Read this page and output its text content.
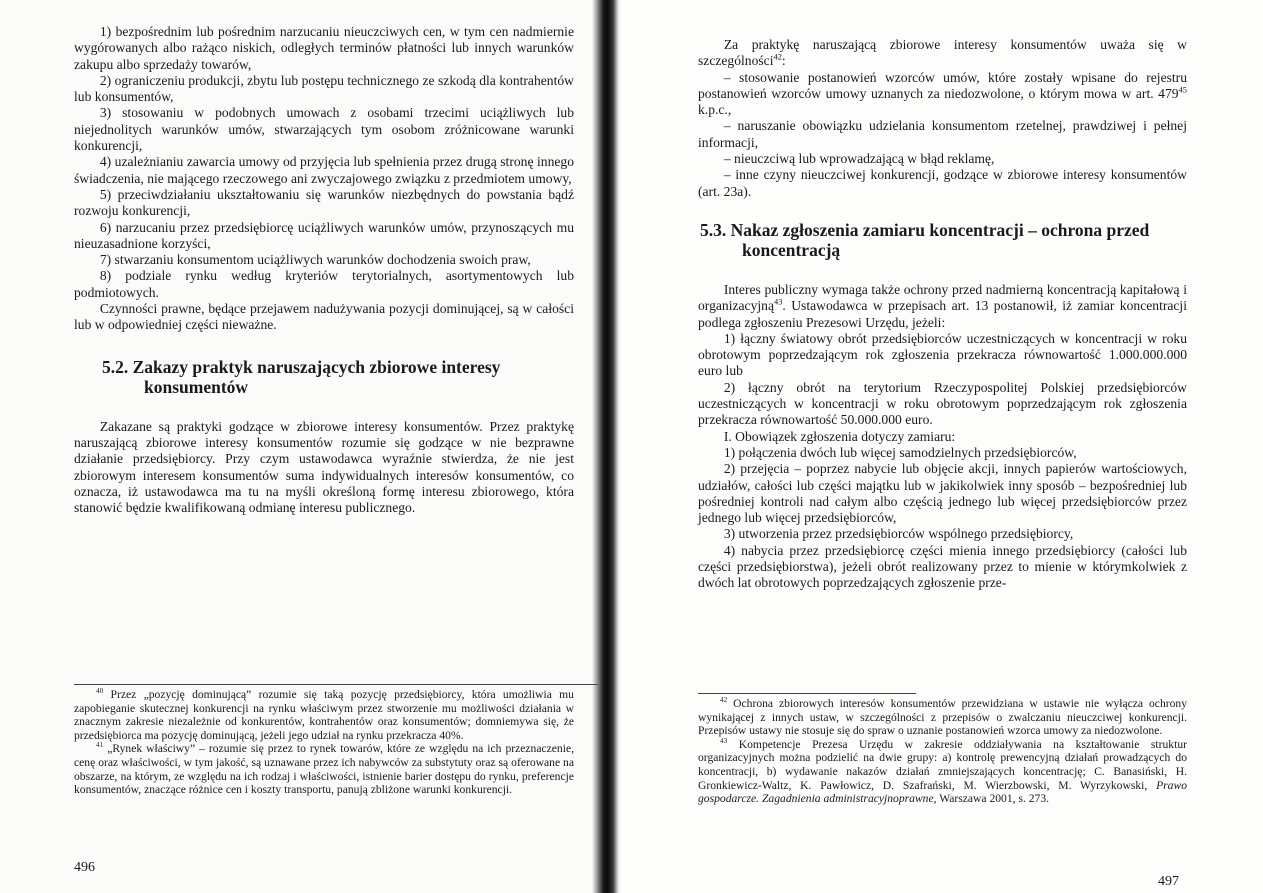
1) bezpośrednim lub pośrednim narzucaniu nieuczciwych cen, w tym cen nadmiernie wygórowanych albo rażąco niskich, odległych terminów płatności lub innych warunków zakupu albo sprzedaży towarów,

2) ograniczeniu produkcji, zbytu lub postępu technicznego ze szkodą dla kontrahentów lub konsumentów,

3) stosowaniu w podobnych umowach z osobami trzecimi uciążliwych lub niejednolitych warunków umów, stwarzających tym osobom zróżnicowane warunki konkurencji,

4) uzależnianiu zawarcia umowy od przyjęcia lub spełnienia przez drugą stronę innego świadczenia, nie mającego rzeczowego ani zwyczajowego związku z przedmiotem umowy,

5) przeciwdziałaniu ukształtowaniu się warunków niezbędnych do powstania bądź rozwoju konkurencji,

6) narzucaniu przez przedsiębiorcę uciążliwych warunków umów, przynoszących mu nieuzasadnione korzyści,

7) stwarzaniu konsumentom uciążliwych warunków dochodzenia swoich praw,

8) podziale rynku według kryteriów terytorialnych, asortymentowych lub podmiotowych.

Czynności prawne, będące przejawem nadużywania pozycji dominującej, są w całości lub w odpowiedniej części nieważne.

5.2. Zakazy praktyk naruszających zbiorowe interesy konsumentów

Zakazane są praktyki godzące w zbiorowe interesy konsumentów. Przez praktykę naruszającą zbiorowe interesy konsumentów rozumie się godzące w nie bezprawne działanie przedsiębiorcy. Przy czym ustawodawca wyraźnie stwierdza, że nie jest zbiorowym interesem konsumentów suma indywidualnych interesów konsumentów, co oznacza, iż ustawodawca ma tu na myśli określoną formę interesu zbiorowego, która stanowić będzie kwalifikowaną odmianę interesu publicznego.

$^{40}$ Przez „pozycję dominującą” rozumie się taką pozycję przedsiębiorcy, która umożliwia mu zapobieganie skutecznej konkurencji na rynku właściwym przez stworzenie mu możliwości działania w znacznym zakresie niezależnie od konkurentów, kontrahentów oraz konsumentów; domniemywa się, że przedsiębiorca ma pozycję dominującą, jeżeli jego udział na rynku przekracza 40%.

$^{41}$ „Rynek właściwy” – rozumie się przez to rynek towarów, które ze względu na ich przeznaczenie, cenę oraz właściwości, w tym jakość, są uznawane przez ich nabywców za substytuty oraz są oferowane na obszarze, na którym, ze względu na ich rodzaj i właściwości, istnienie barier dostępu do rynku, preferencje konsumentów, znaczące różnice cen i koszty transportu, panują zbliżone warunki konkurencji.

496

Za praktykę naruszającą zbiorowe interesy konsumentów uważa się w szczególności$^{42}$:

– stosowanie postanowień wzorców umów, które zostały wpisane do rejestru postanowień wzorców umowy uznanych za niedozwolone, o którym mowa w art. $479^{45}$ k.p.c.,

– naruszanie obowiązku udzielania konsumentom rzetelnej, prawdziwej i pełnej informacji,

– nieuczciwą lub wprowadzającą w błąd reklamę,

– inne czyny nieuczciwej konkurencji, godzące w zbiorowe interesy konsumentów (art. 23a).

5.3. Nakaz zgłoszenia zamiaru koncentracji – ochrona przed koncentracją

Interes publiczny wymaga także ochrony przed nadmierną koncentracją kapitałową i organizacyjną$^{43}$. Ustawodawca w przepisach art. 13 postanowił, iż zamiar koncentracji podlega zgłoszeniu Prezesowi Urzędu, jeżeli:

1) łączny światowy obrót przedsiębiorców uczestniczących w koncentracji w roku obrotowym poprzedzającym rok zgłoszenia przekracza równowartość 1.000.000.000 euro lub

2) łączny obrót na terytorium Rzeczypospolitej Polskiej przedsiębiorców uczestniczących w koncentracji w roku obrotowym poprzedzającym rok zgłoszenia przekracza równowartość 50.000.000 euro.

I. Obowiązek zgłoszenia dotyczy zamiaru:

1) połączenia dwóch lub więcej samodzielnych przedsiębiorców,

2) przejęcia – poprzez nabycie lub objęcie akcji, innych papierów wartościowych, udziałów, całości lub części majątku lub w jakikolwiek inny sposób – bezpośredniej lub pośredniej kontroli nad całym albo częścią jednego lub więcej przedsiębiorców przez jednego lub więcej przedsiębiorców,

3) utworzenia przez przedsiębiorców wspólnego przedsiębiorcy,

4) nabycia przez przedsiębiorcę części mienia innego przedsiębiorcy (całości lub części przedsiębiorstwa), jeżeli obrót realizowany przez to mienie w którymkolwiek z dwóch lat obrotowych poprzedzających zgłoszenie prze-

$^{42}$ Ochrona zbiorowych interesów konsumentów przewidziana w ustawie nie wyłącza ochrony wynikającej z innych ustaw, w szczególności z przepisów o zwalczaniu nieuczciwej konkurencji. Przepisów ustawy nie stosuje się do spraw o uznanie postanowień wzorca umowy za niedozwolone.

$^{43}$ Kompetencje Prezesa Urzędu w zakresie oddziaływania na kształtowanie struktur organizacyjnych można podzielić na dwie grupy: a) kontrolę prewencyjną działań prowadzących do koncentracji, b) wydawanie nakazów działań zmniejszających koncentrację; C. Banasiński, H. Gronkiewicz-Waltz, K. Pawłowicz, D. Szafrański, M. Wierzbowski, M. Wyrzykowski, Prawo gospodarcze. Zagadnienia administracyjnoprawne, Warszawa 2001, s. 273.

497
